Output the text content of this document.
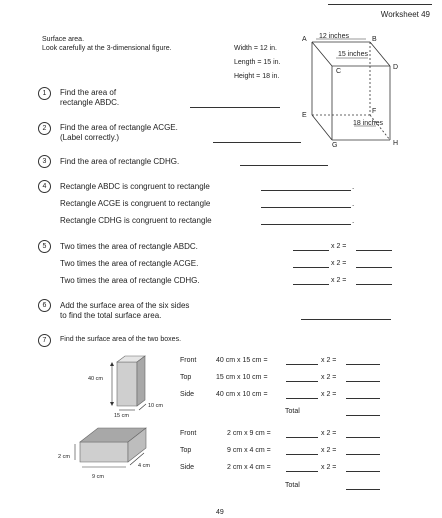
Worksheet 49
Surface area.
Look carefully at the 3-dimensional figure.	Width = 12 in.
Length = 15 in.
Height = 18 in.
A	B
C
D
E
F
G	H
12 inches
15 inches
18 inches
1	Find the area of
rectangle ABDC.
2	Find the area of rectangle ACGE.
(Label correctly.)
3	Find the area of rectangle CDHG.
4	Rectangle ABDC is congruent to rectangle	.
Rectangle ACGE is congruent to rectangle	.
Rectangle CDHG is congruent to rectangle	.
5	Two times the area of rectangle ABDC.	x 2 =
Two times the area of rectangle ACGE.	x 2 =
Two times the area of rectangle CDHG.	x 2 =
6	Add the surface area of the six sides
to find the total surface area.
7	Find the surface area of the two boxes.
40 cm
15 cm
10 cm
Front	40 cm x 15 cm =	x 2 =
Top	15 cm x 10 cm =	x 2 =
Side	40 cm x 10 cm =	x 2 =
Total
2 cm
9 cm
4 cm
Front	2 cm x 9 cm =	x 2 =
Top	9 cm x 4 cm =	x 2 =
Side	2 cm x 4 cm =	x 2 =
Total
49
